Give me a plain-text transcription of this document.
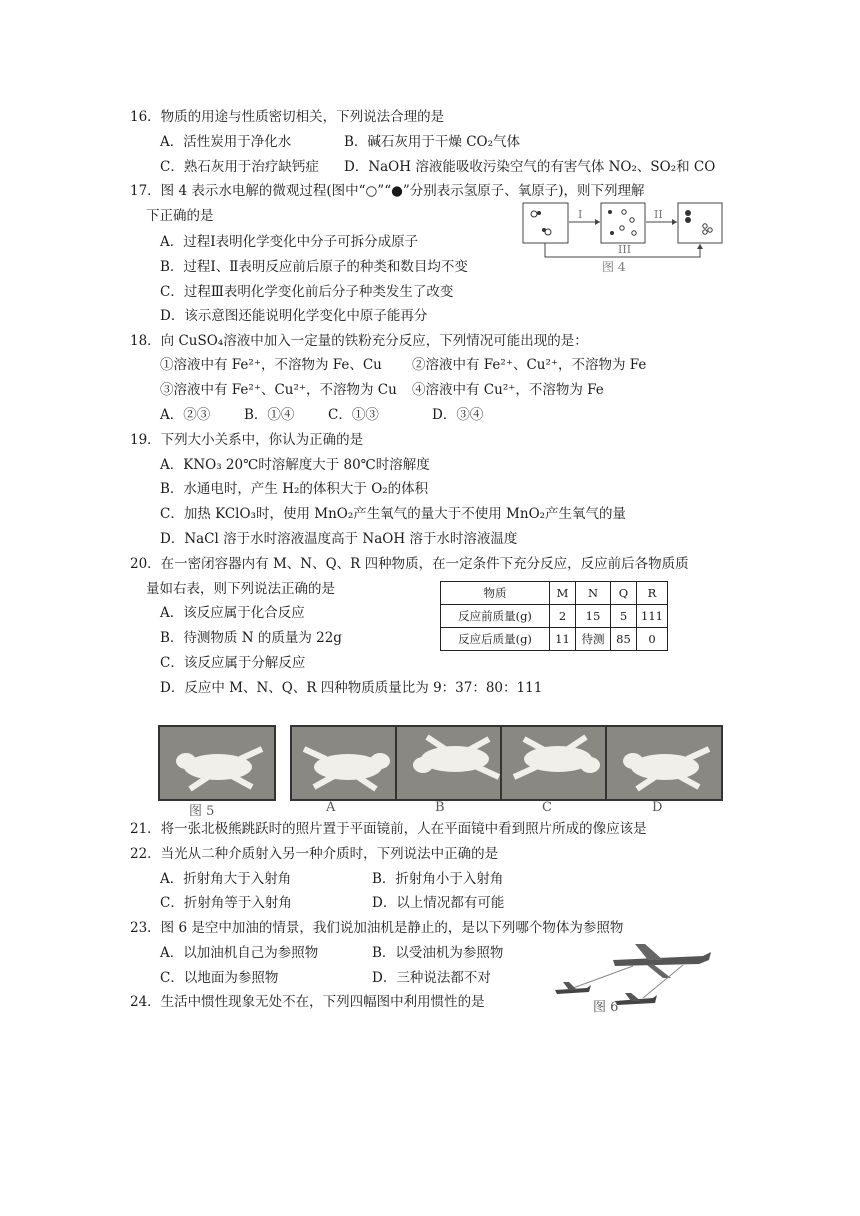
16．物质的用途与性质密切相关，下列说法合理的是
A．活性炭用于净化水	B．碱石灰用于干燥 CO₂气体
C．熟石灰用于治疗缺钙症 D．NaOH 溶液能吸收污染空气的有害气体 NO₂、SO₂和 CO
17．图 4 表示水电解的微观过程(图中“○”“●”分别表示氢原子、氧原子)，则下列理解
下正确的是
A．过程Ⅰ表明化学变化中分子可拆分成原子
B．过程Ⅰ、Ⅱ表明反应前后原子的种类和数目均不变
C．过程Ⅲ表明化学变化前后分子种类发生了改变
D．该示意图还能说明化学变化中原子能再分
I	II
III
图 4
18．向 CuSO₄溶液中加入一定量的铁粉充分反应，下列情况可能出现的是：
①溶液中有 Fe²⁺，不溶物为 Fe、Cu ②溶液中有 Fe²⁺、Cu²⁺，不溶物为 Fe
③溶液中有 Fe²⁺、Cu²⁺，不溶物为 Cu ④溶液中有 Cu²⁺，不溶物为 Fe
A．②③	B．①④ C．①③	D．③④
19．下列大小关系中，你认为正确的是
A．KNO₃ 20℃时溶解度大于 80℃时溶解度
B．水通电时，产生 H₂的体积大于 O₂的体积
C．加热 KClO₃时，使用 MnO₂产生氧气的量大于不使用 MnO₂产生氧气的量
D．NaCl 溶于水时溶液温度高于 NaOH 溶于水时溶液温度
20．在一密闭容器内有 M、N、Q、R 四种物质，在一定条件下充分反应，反应前后各物质质
量如右表，则下列说法正确的是
A．该反应属于化合反应
B．待测物质 N 的质量为 22g
C．该反应属于分解反应
D．反应中 M、N、Q、R 四种物质质量比为 9：37：80：111
物质	M	N	Q	R
反应前质量(g)	2	15	5	111
反应后质量(g)	11	待测	85	0
图 5	A	B	C	D
21．将一张北极熊跳跃时的照片置于平面镜前，人在平面镜中看到照片所成的像应该是
22．当光从二种介质射入另一种介质时，下列说法中正确的是
A．折射角大于入射角	B．折射角小于入射角
C．折射角等于入射角	D．以上情况都有可能
23．图 6 是空中加油的情景，我们说加油机是静止的，是以下列哪个物体为参照物
A．以加油机自己为参照物	B．以受油机为参照物
C．以地面为参照物	D．三种说法都不对
图 6
24．生活中惯性现象无处不在，下列四幅图中利用惯性的是
